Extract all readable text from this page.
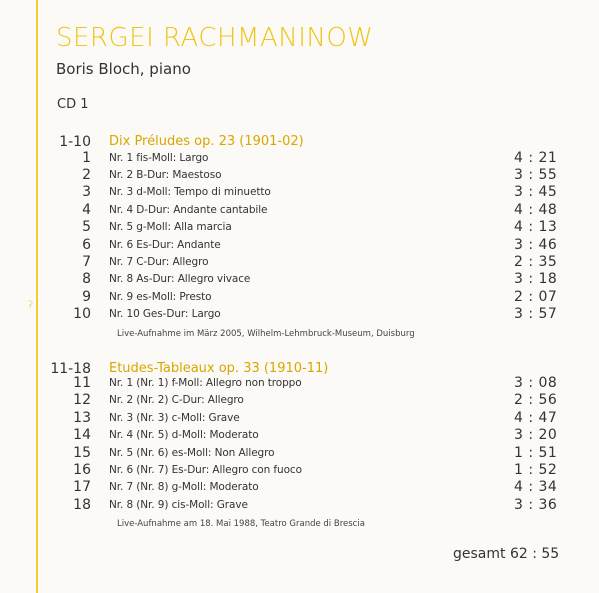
ʔ
SERGEI RACHMANINOW
Boris Bloch, piano
CD 1
1-10 Dix Préludes op. 23 (1901-02)
1 Nr. 1 fis-Moll: Largo	4 : 21
2 Nr. 2 B-Dur: Maestoso	3 : 55
3 Nr. 3 d-Moll: Tempo di minuetto	3 : 45
4 Nr. 4 D-Dur: Andante cantabile	4 : 48
5 Nr. 5 g-Moll: Alla marcia	4 : 13
6 Nr. 6 Es-Dur: Andante	3 : 46
7 Nr. 7 C-Dur: Allegro	2 : 35
8 Nr. 8 As-Dur: Allegro vivace	3 : 18
9 Nr. 9 es-Moll: Presto	2 : 07
10 Nr. 10 Ges-Dur: Largo	3 : 57
Live-Aufnahme im März 2005, Wilhelm-Lehmbruck-Museum, Duisburg
11-18 Etudes-Tableaux op. 33 (1910-11)
11 Nr. 1 (Nr. 1) f-Moll: Allegro non troppo	3 : 08
12 Nr. 2 (Nr. 2) C-Dur: Allegro	2 : 56
13 Nr. 3 (Nr. 3) c-Moll: Grave	4 : 47
14 Nr. 4 (Nr. 5) d-Moll: Moderato	3 : 20
15 Nr. 5 (Nr. 6) es-Moll: Non Allegro	1 : 51
16 Nr. 6 (Nr. 7) Es-Dur: Allegro con fuoco	1 : 52
17 Nr. 7 (Nr. 8) g-Moll: Moderato	4 : 34
18 Nr. 8 (Nr. 9) cis-Moll: Grave	3 : 36
Live-Aufnahme am 18. Mai 1988, Teatro Grande di Brescia
gesamt 62 : 55
